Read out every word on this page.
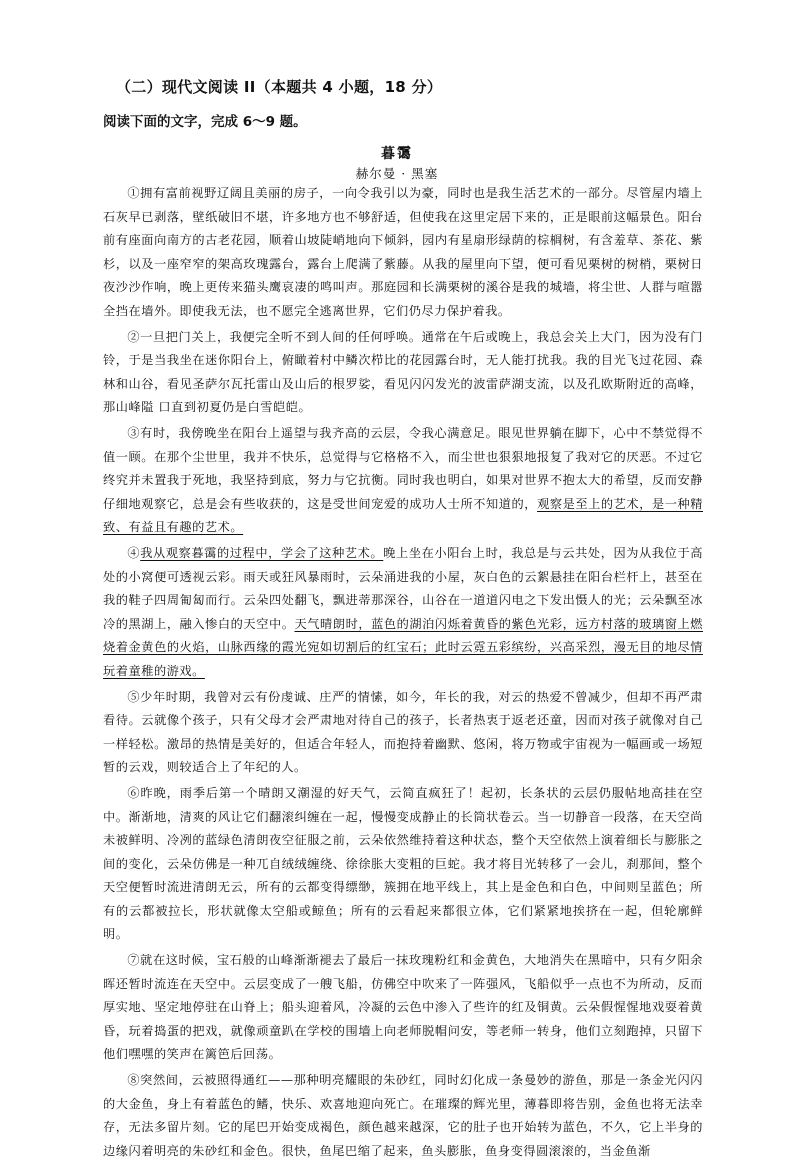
（二）现代文阅读 II（本题共 4 小题，18 分）
阅读下面的文字，完成 6～9 题。
暮霭
赫尔曼 · 黑塞

①拥有富前视野辽阔且美丽的房子，一向令我引以为豪，同时也是我生活艺术的一部分。尽管屋内墙上石灰早已剥落，壁纸破旧不堪，许多地方也不够舒适，但使我在这里定居下来的，正是眼前这幅景色。阳台前有座面向南方的古老花园，顺着山坡陡峭地向下倾斜，园内有星扇形绿荫的棕榈树，有含羞草、茶花、紫杉，以及一座窄窄的架高玫瑰露台，露台上爬满了紫藤。从我的屋里向下望，便可看见栗树的树梢，栗树日夜沙沙作响，晚上更传来猫头鹰哀凄的鸣叫声。那庭园和长满栗树的溪谷是我的城墙，将尘世、人群与喧嚣全挡在墙外。即使我无法，也不愿完全逃离世界，它们仍尽力保护着我。

②一旦把门关上，我便完全听不到人间的任何呼唤。通常在午后或晚上，我总会关上大门，因为没有门铃，于是当我坐在迷你阳台上，俯瞰着村中鳞次栉比的花园露台时，无人能打扰我。我的目光飞过花园、森林和山谷，看见圣萨尔瓦托雷山及山后的根罗娑，看见闪闪发光的波雷萨湖支流，以及孔欧斯附近的高峰，那山峰隘 口直到初夏仍是白雪皑皑。

③有时，我傍晚坐在阳台上遥望与我齐高的云层，令我心满意足。眼见世界躺在脚下，心中不禁觉得不值一顾。在那个尘世里，我并不快乐，总觉得与它格格不入，而尘世也狠狠地报复了我对它的厌恶。不过它终究并未置我于死地，我坚持到底，努力与它抗衡。同时我也明白，如果对世界不抱太大的希望，反而安静仔细地观察它，总是会有些收获的，这是受世间宠爱的成功人士所不知道的，观察是至上的艺术，是一种精致、有益且有趣的艺术。

④我从观察暮霭的过程中，学会了这种艺术。晚上坐在小阳台上时，我总是与云共处，因为从我位于高处的小窝便可透视云彩。雨天或狂风暴雨时，云朵涌进我的小屋，灰白色的云絮悬挂在阳台栏杆上，甚至在我的鞋子四周匍匐而行。云朵四处翻飞，飘进蒂那深谷，山谷在一道道闪电之下发出慑人的光；云朵飘至冰冷的黑湖上，融入惨白的天空中。天气晴朗时，蓝色的湖泊闪烁着黄昏的紫色光彩，远方村落的玻璃窗上燃烧着金黄色的火焰，山脉西缘的霞光宛如切割后的红宝石；此时云霓五彩缤纷，兴高采烈，漫无目的地尽情玩着童稚的游戏。

⑤少年时期，我曾对云有份虔诚、庄严的情愫，如今，年长的我，对云的热爱不曾减少，但却不再严肃看待。云就像个孩子，只有父母才会严肃地对待自己的孩子，长者热衷于返老还童，因而对孩子就像对自己一样轻松。激昂的热情是美好的，但适合年轻人，而抱持着幽默、悠闲，将万物或宇宙视为一幅画或一场短暂的云戏，则较适合上了年纪的人。

⑥昨晚，雨季后第一个晴朗又潮湿的好天气，云简直疯狂了！起初，长条状的云层仍服帖地高挂在空中。渐渐地，清爽的风让它们翻滚纠缠在一起，慢慢变成静止的长筒状卷云。当一切静音一段落，在天空尚未被鲜明、冷冽的蓝绿色清朗夜空征服之前，云朵依然维持着这种状态，整个天空依然上演着细长与膨胀之间的变化，云朵仿佛是一种兀自绒绒缠绕、徐徐胀大变粗的巨蛇。我才将目光转移了一会儿，刹那间，整个天空便暂时流进清朗无云，所有的云都变得缥缈，簇拥在地平线上，其上是金色和白色，中间则呈蓝色；所有的云都被拉长，形状就像太空船或鲸鱼；所有的云看起来都很立体，它们紧紧地挨挤在一起，但轮廓鲜明。

⑦就在这时候，宝石般的山峰渐渐褪去了最后一抹玫瑰粉红和金黄色，大地消失在黑暗中，只有夕阳余晖还暂时流连在天空中。云层变成了一艘飞船，仿佛空中吹来了一阵强风，飞船似乎一点也不为所动，反而厚实地、坚定地停驻在山脊上；船头迎着风，冷凝的云色中渗入了些许的红及铜黄。云朵假惺惺地戏耍着黄昏，玩着捣蛋的把戏，就像顽童趴在学校的围墙上向老师脱帽问安，等老师一转身，他们立刻跑掉，只留下他们嘿嘿的笑声在篱笆后回荡。

⑧突然间，云被照得通红——那种明亮耀眼的朱砂红，同时幻化成一条曼妙的游鱼，那是一条金光闪闪的大金鱼，身上有着蓝色的鳍，快乐、欢喜地迎向死亡。在璀璨的辉光里，薄暮即将告别，金鱼也将无法幸存，无法多留片刻。它的尾巴开始变成褐色，颜色越来越深，它的肚子也开始转为蓝色，不久，它上半身的边缘闪着明亮的朱砂红和金色。很快，鱼尾巴缩了起来，鱼头膨胀，鱼身变得圆滚滚的，当金鱼渐
